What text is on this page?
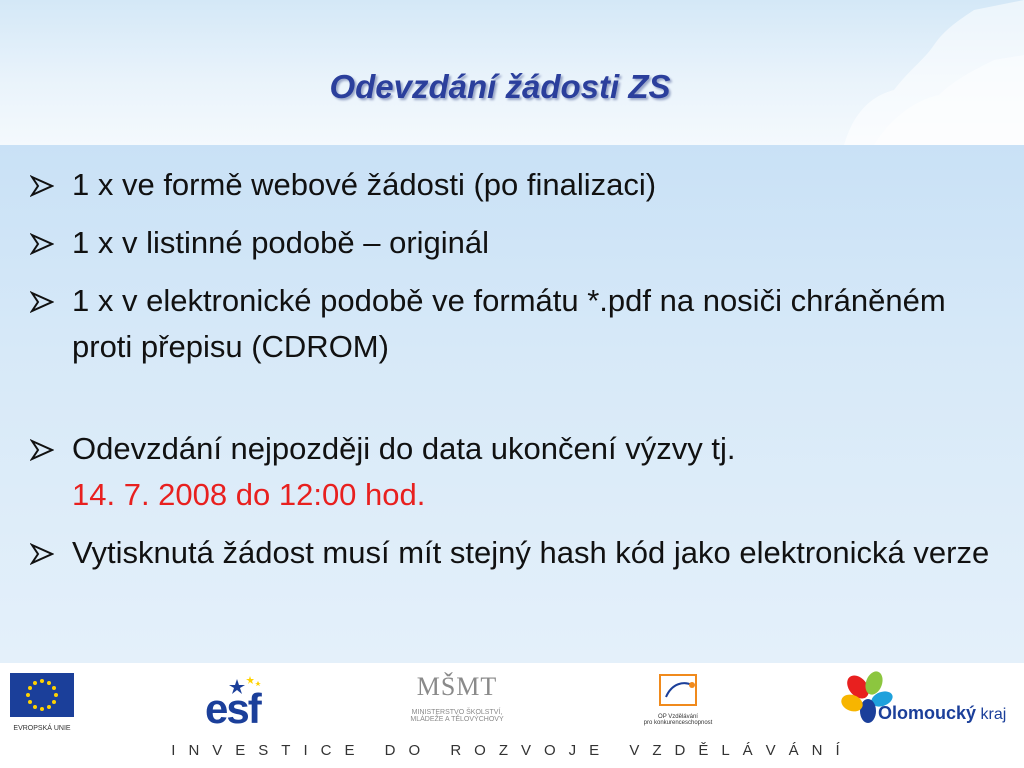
Odevzdání žádosti ZS
1 x ve formě webové žádosti (po finalizaci)
1 x v listinné podobě – originál
1 x v elektronické podobě ve formátu *.pdf na nosiči chráněném proti přepisu (CDROM)
Odevzdání nejpozději do data ukončení výzvy tj.
14. 7. 2008 do 12:00 hod.
Vytisknutá žádost musí mít stejný hash kód jako elektronická verze
EVROPSKÁ UNIE	esf	MŠMT
MINISTERSTVO ŠKOLSTVÍ,
MLÁDEŽE A TĚLOVÝCHOVY	OP Vzdělávání
pro konkurenceschopnost	Olomoucký kraj
INVESTICE DO ROZVOJE VZDĚLÁVÁNÍ
